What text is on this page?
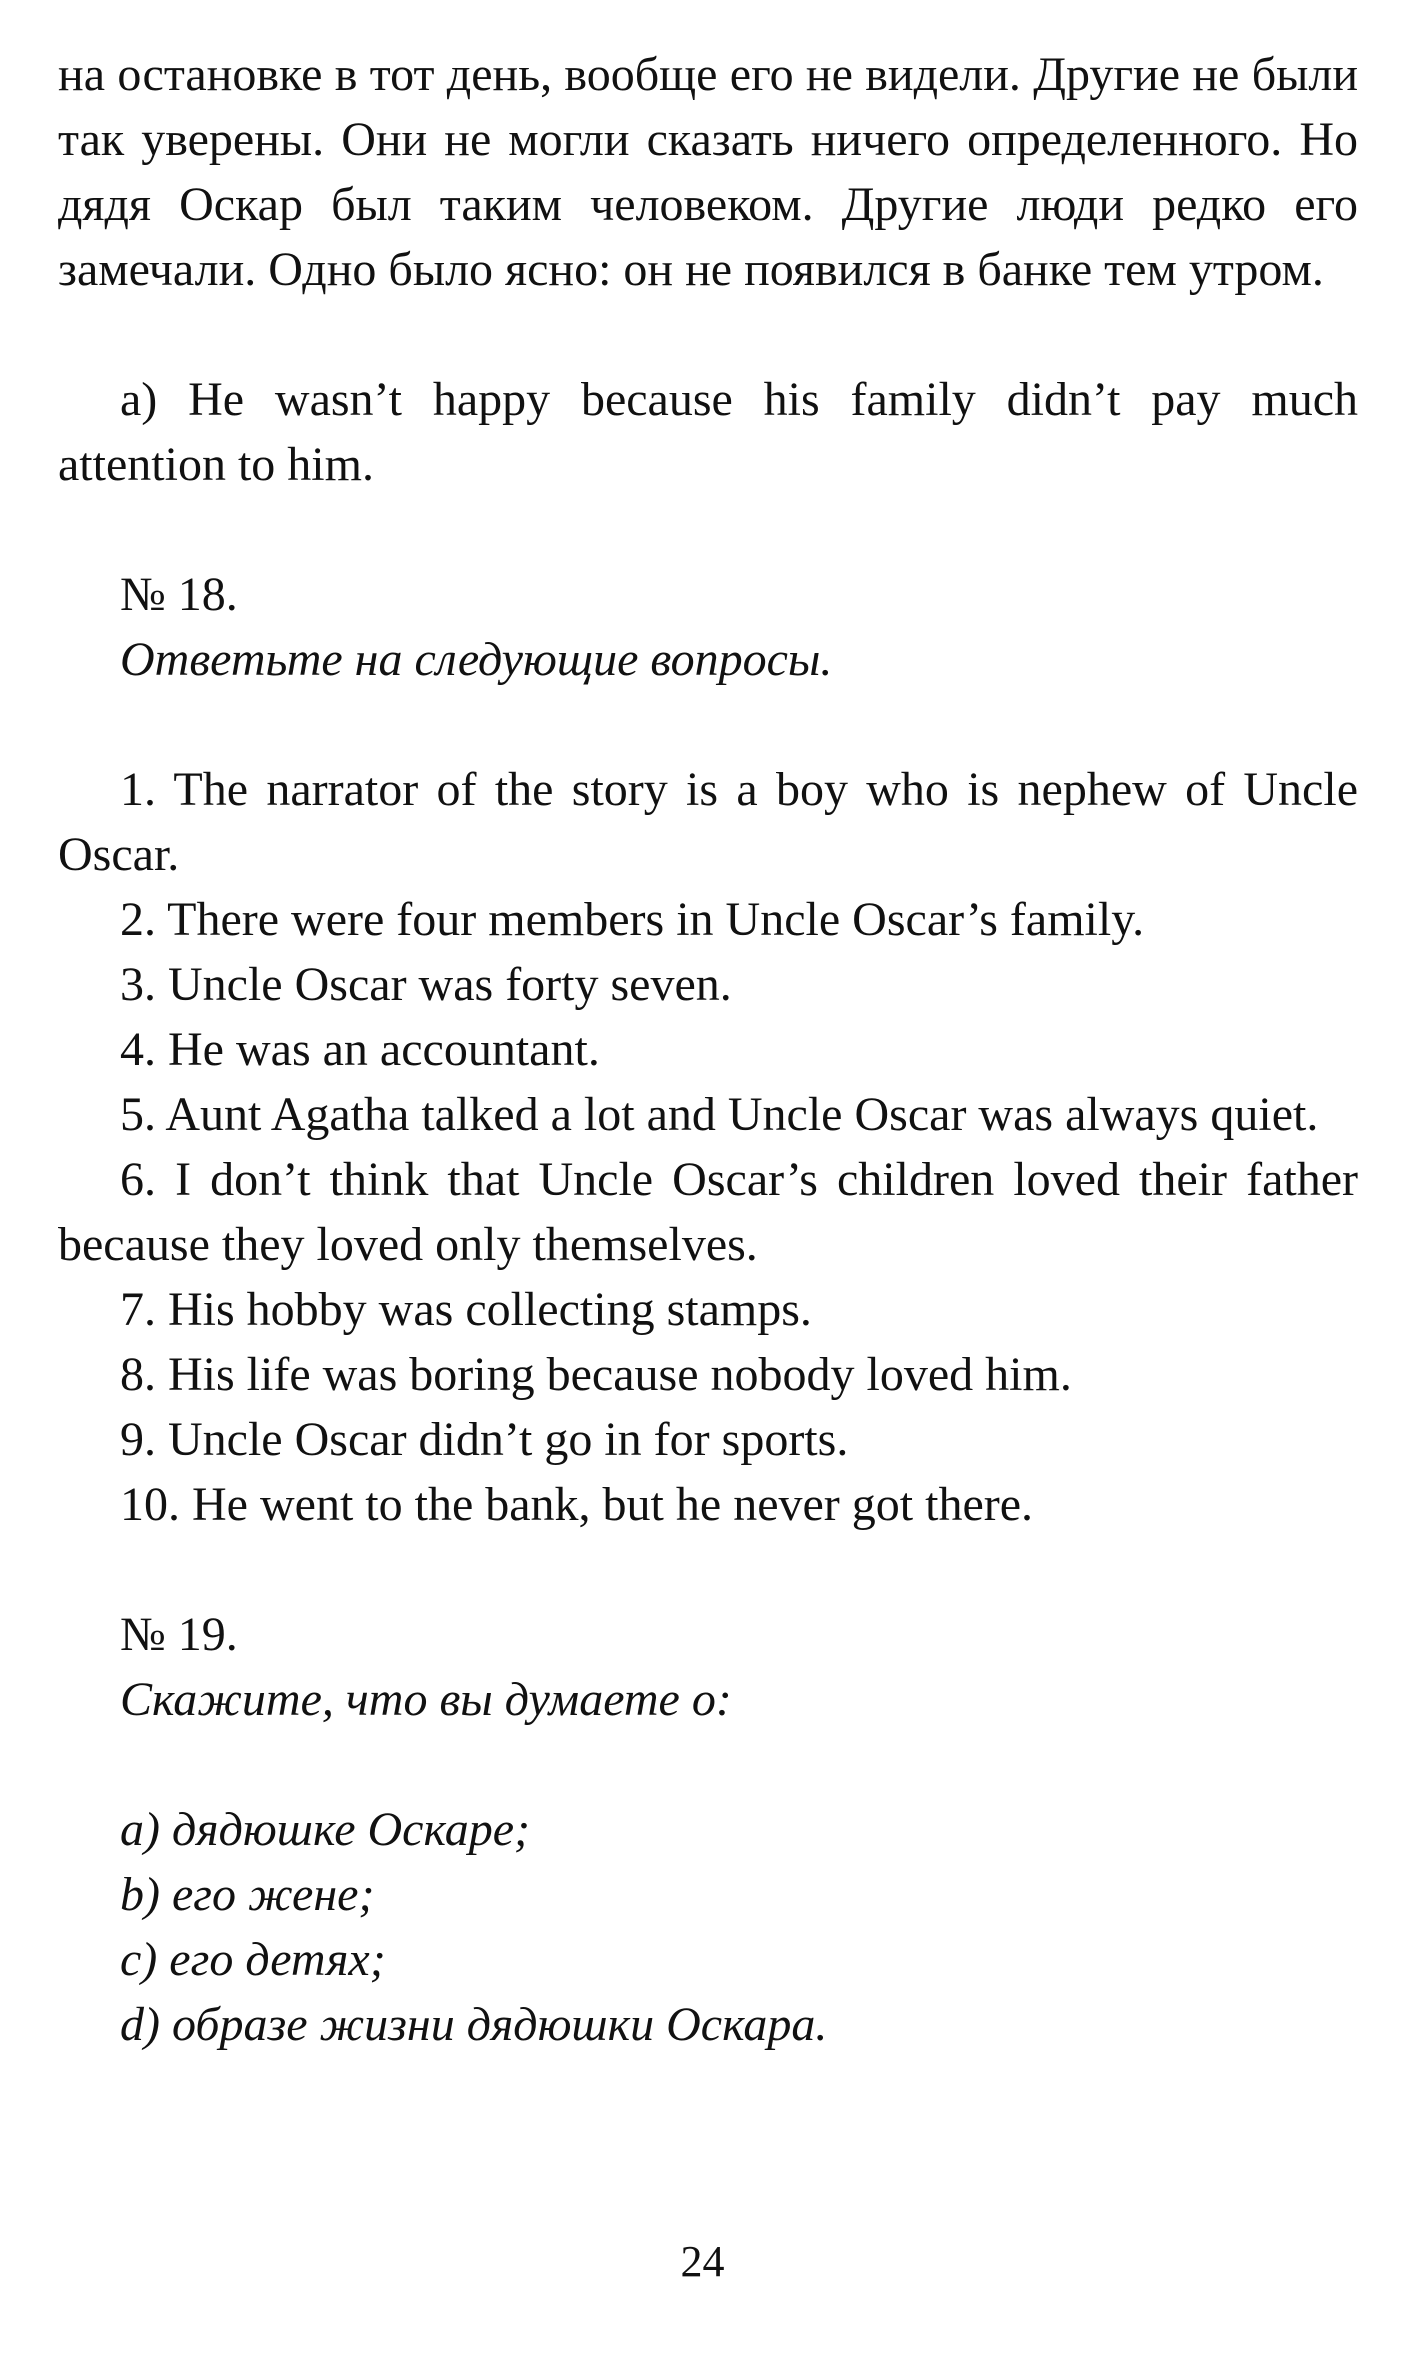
на остановке в тот день, вообще его не видели. Другие не были так уверены. Они не могли сказать ничего определенного. Но дядя Оскар был таким человеком. Другие люди редко его замечали. Одно было ясно: он не появился в банке тем утром.
a) He wasn’t happy because his family didn’t pay much attention to him.
№ 18.
Ответьте на следующие вопросы.
1. The narrator of the story is a boy who is nephew of Uncle Oscar.
2. There were four members in Uncle Oscar’s family.
3. Uncle Oscar was forty seven.
4. He was an accountant.
5. Aunt Agatha talked a lot and Uncle Oscar was always quiet.
6. I don’t think that Uncle Oscar’s children loved their father because they loved only themselves.
7. His hobby was collecting stamps.
8. His life was boring because nobody loved him.
9. Uncle Oscar didn’t go in for sports.
10. He went to the bank, but he never got there.
№ 19.
Скажите, что вы думаете о:
a) дядюшке Оскаре;
b) его жене;
c) его детях;
d) образе жизни дядюшки Оскара.
24
